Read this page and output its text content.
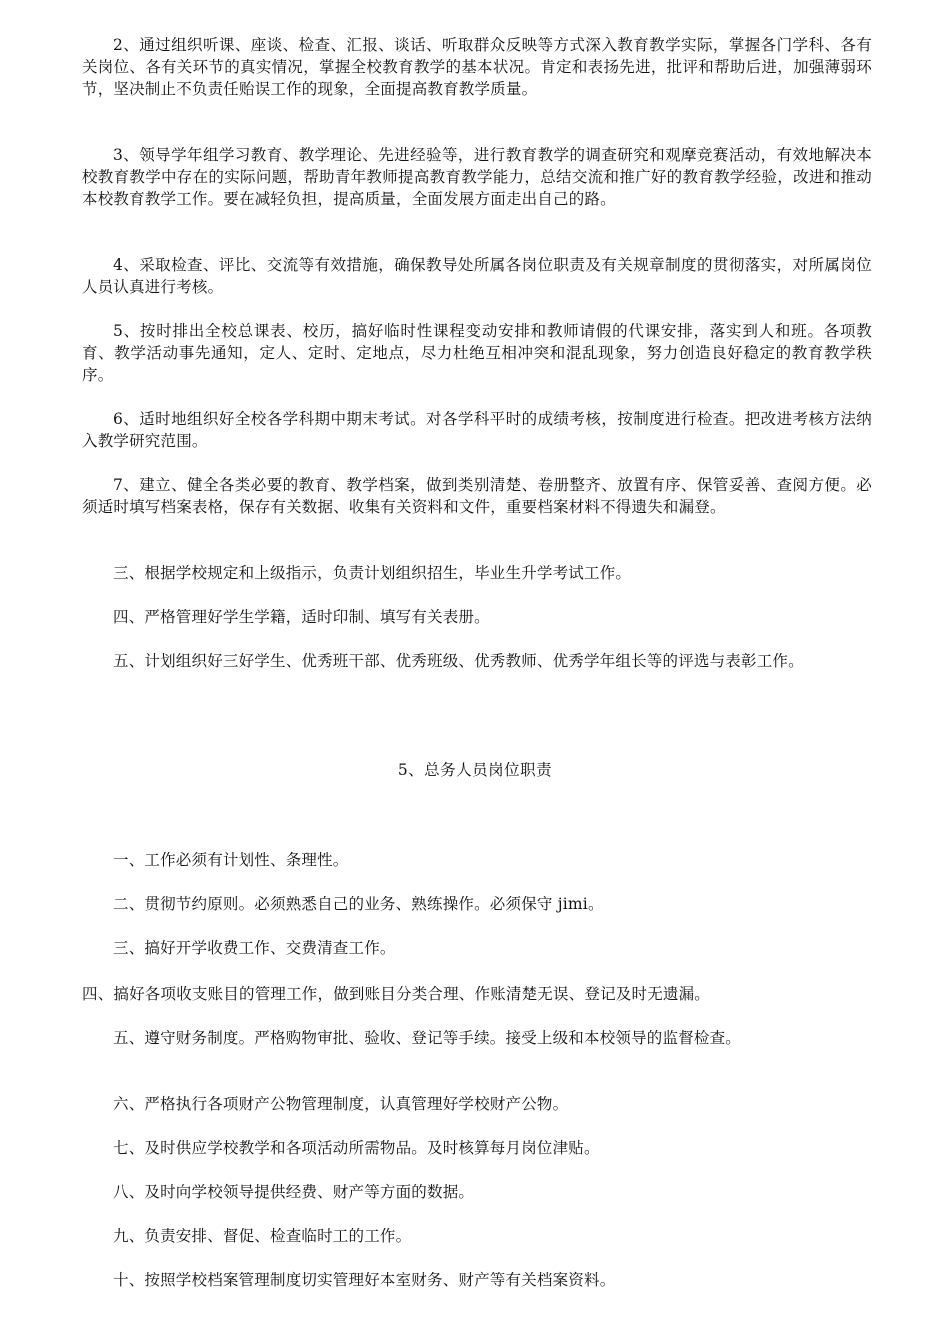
2、通过组织听课、座谈、检查、汇报、谈话、听取群众反映等方式深入教育教学实际，掌握各门学科、各有关岗位、各有关环节的真实情况，掌握全校教育教学的基本状况。肯定和表扬先进，批评和帮助后进，加强薄弱环节，坚决制止不负责任贻误工作的现象，全面提高教育教学质量。

3、领导学年组学习教育、教学理论、先进经验等，进行教育教学的调查研究和观摩竞赛活动，有效地解决本校教育教学中存在的实际问题，帮助青年教师提高教育教学能力，总结交流和推广好的教育教学经验，改进和推动本校教育教学工作。要在减轻负担，提高质量，全面发展方面走出自己的路。

4、采取检查、评比、交流等有效措施，确保教导处所属各岗位职责及有关规章制度的贯彻落实，对所属岗位人员认真进行考核。

5、按时排出全校总课表、校历，搞好临时性课程变动安排和教师请假的代课安排，落实到人和班。各项教育、教学活动事先通知，定人、定时、定地点，尽力杜绝互相冲突和混乱现象，努力创造良好稳定的教育教学秩序。

6、适时地组织好全校各学科期中期末考试。对各学科平时的成绩考核，按制度进行检查。把改进考核方法纳入教学研究范围。

7、建立、健全各类必要的教育、教学档案，做到类别清楚、卷册整齐、放置有序、保管妥善、查阅方便。必须适时填写档案表格，保存有关数据、收集有关资料和文件，重要档案材料不得遗失和漏登。

三、根据学校规定和上级指示，负责计划组织招生，毕业生升学考试工作。

四、严格管理好学生学籍，适时印制、填写有关表册。

五、计划组织好三好学生、优秀班干部、优秀班级、优秀教师、优秀学年组长等的评选与表彰工作。

5、总务人员岗位职责

一、工作必须有计划性、条理性。

二、贯彻节约原则。必须熟悉自己的业务、熟练操作。必须保守 jimi。

三、搞好开学收费工作、交费清查工作。

四、搞好各项收支账目的管理工作，做到账目分类合理、作账清楚无误、登记及时无遗漏。

五、遵守财务制度。严格购物审批、验收、登记等手续。接受上级和本校领导的监督检查。

六、严格执行各项财产公物管理制度，认真管理好学校财产公物。

七、及时供应学校教学和各项活动所需物品。及时核算每月岗位津贴。

八、及时向学校领导提供经费、财产等方面的数据。

九、负责安排、督促、检查临时工的工作。

十、按照学校档案管理制度切实管理好本室财务、财产等有关档案资料。
